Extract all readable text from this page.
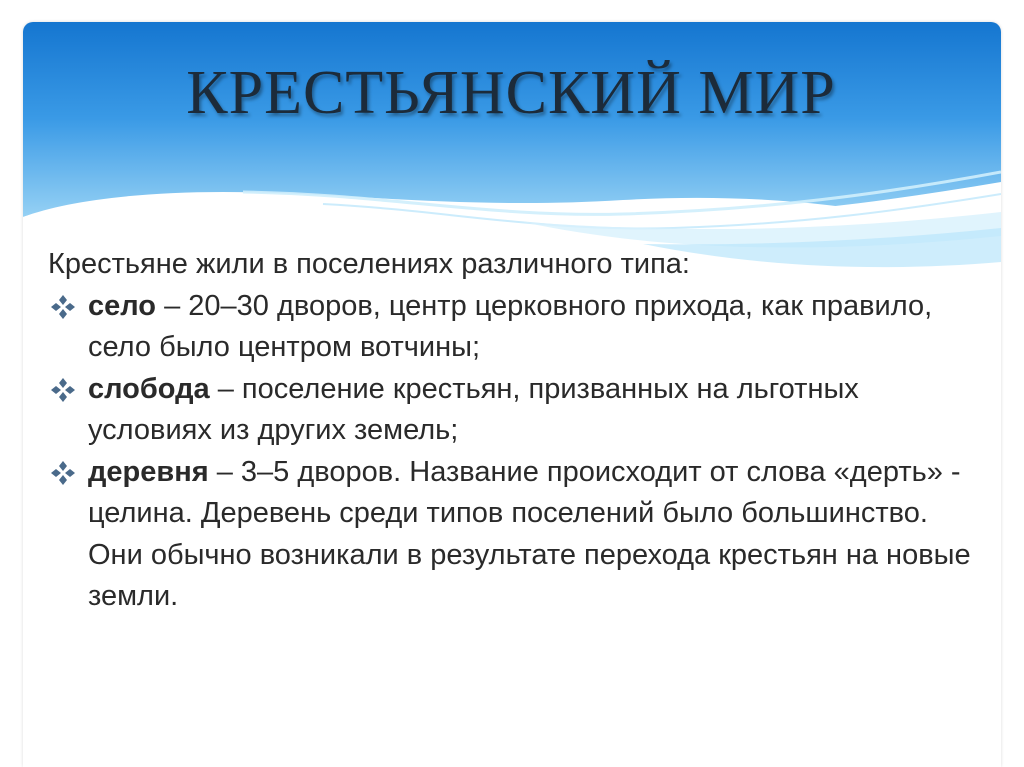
КРЕСТЬЯНСКИЙ МИР

Крестьяне жили в поселениях различного типа:

село – 20–30 дворов, центр церковного прихода, как правило, село было центром вотчины;
слобода – поселение крестьян, призванных на льготных условиях из других земель;
деревня – 3–5 дворов. Название происходит от слова «дерть» - целина. Деревень среди типов поселений было большинство. Они обычно возникали в результате перехода крестьян на новые земли.
